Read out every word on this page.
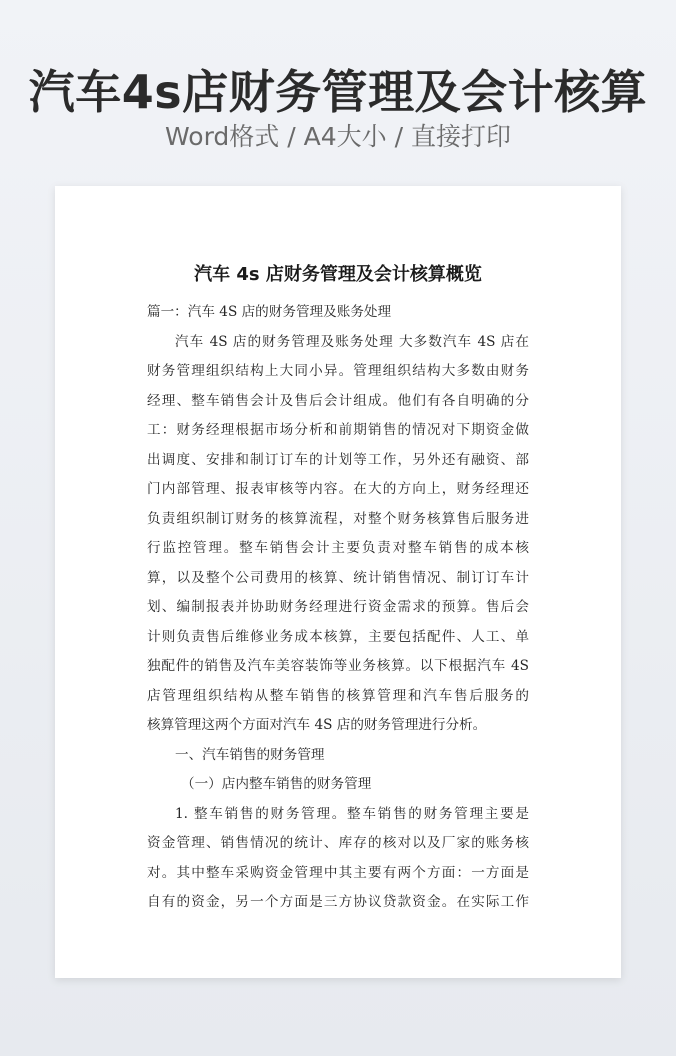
汽车4s店财务管理及会计核算
Word格式 / A4大小 / 直接打印
汽车 4s 店财务管理及会计核算概览
篇一：汽车 4S 店的财务管理及账务处理
汽车 4S 店的财务管理及账务处理 大多数汽车 4S 店在
财务管理组织结构上大同小异。管理组织结构大多数由财务
经理、整车销售会计及售后会计组成。他们有各自明确的分
工：财务经理根据市场分析和前期销售的情况对下期资金做
出调度、安排和制订订车的计划等工作，另外还有融资、部
门内部管理、报表审核等内容。在大的方向上，财务经理还
负责组织制订财务的核算流程，对整个财务核算售后服务进
行监控管理。整车销售会计主要负责对整车销售的成本核
算，以及整个公司费用的核算、统计销售情况、制订订车计
划、编制报表并协助财务经理进行资金需求的预算。售后会
计则负责售后维修业务成本核算，主要包括配件、人工、单
独配件的销售及汽车美容装饰等业务核算。以下根据汽车 4S
店管理组织结构从整车销售的核算管理和汽车售后服务的
核算管理这两个方面对汽车 4S 店的财务管理进行分析。
一、汽车销售的财务管理
（一）店内整车销售的财务管理
1. 整车销售的财务管理。整车销售的财务管理主要是
资金管理、销售情况的统计、库存的核对以及厂家的账务核
对。其中整车采购资金管理中其主要有两个方面：一方面是
自有的资金，另一个方面是三方协议贷款资金。在实际工作
